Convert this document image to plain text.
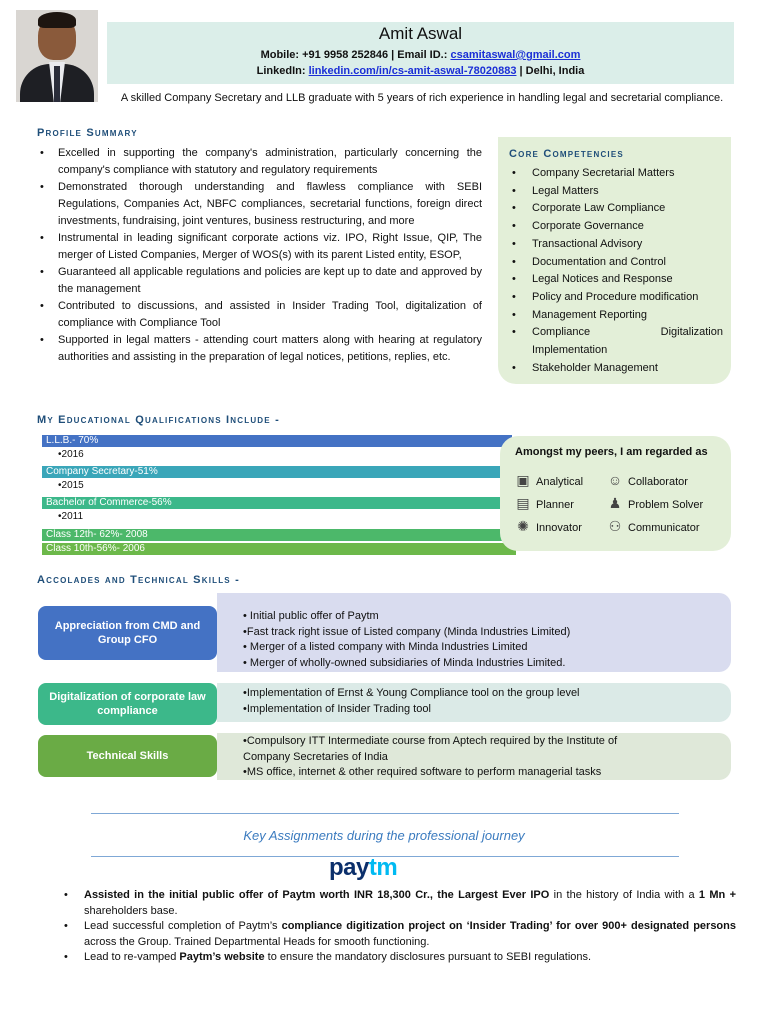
Amit Aswal
Mobile: +91 9958 252846 | Email ID.: csamitaswal@gmail.com
LinkedIn: linkedin.com/in/cs-amit-aswal-78020883 | Delhi, India
A skilled Company Secretary and LLB graduate with 5 years of rich experience in handling legal and secretarial compliance.
Profile Summary
• Excelled in supporting the company's administration, particularly concerning the company's compliance with statutory and regulatory requirements
• Demonstrated thorough understanding and flawless compliance with SEBI Regulations, Companies Act, NBFC compliances, secretarial functions, foreign direct investments, fundraising, joint ventures, business restructuring, and more
• Instrumental in leading significant corporate actions viz. IPO, Right Issue, QIP, The merger of Listed Companies, Merger of WOS(s) with its parent Listed entity, ESOP,
• Guaranteed all applicable regulations and policies are kept up to date and approved by the management
• Contributed to discussions, and assisted in Insider Trading Tool, digitalization of compliance with Compliance Tool
• Supported in legal matters - attending court matters along with hearing at regulatory authorities and assisting in the preparation of legal notices, petitions, replies, etc.
Core Competencies
• Company Secretarial Matters
• Legal Matters
• Corporate Law Compliance
• Corporate Governance
• Transactional Advisory
• Documentation and Control
• Legal Notices and Response
• Policy and Procedure modification
• Management Reporting
• Compliance Digitalization Implementation
• Stakeholder Management
My Educational Qualifications Include -
L.L.B.- 70%
•2016
Company Secretary-51%
•2015
Bachelor of Commerce-56%
•2011
Class 12th- 62%- 2008
Class 10th-56%- 2006
Amongst my peers, I am regarded as
▣ Analytical ☺ Collaborator
▤ Planner ♟ Problem Solver
✺ Innovator ⚇ Communicator
Accolades and Technical Skills -
• Initial public offer of Paytm
•Fast track right issue of Listed company (Minda Industries Limited)
• Merger of a listed company with Minda Industries Limited
• Merger of wholly-owned subsidiaries of Minda Industries Limited.
Appreciation from CMD and Group CFO
•Implementation of Ernst & Young Compliance tool on the group level
•Implementation of Insider Trading tool
Digitalization of corporate law compliance
•Compulsory ITT Intermediate course from Aptech required by the Institute of
Company Secretaries of India
•MS office, internet & other required software to perform managerial tasks
Technical Skills
Key Assignments during the professional journey
paytm
• Assisted in the initial public offer of Paytm worth INR 18,300 Cr., the Largest Ever IPO in the history of India with a 1 Mn + shareholders base.
• Lead successful completion of Paytm’s compliance digitization project on ‘Insider Trading’ for over 900+ designated persons across the Group. Trained Departmental Heads for smooth functioning.
• Lead to re-vamped Paytm’s website to ensure the mandatory disclosures pursuant to SEBI regulations.
